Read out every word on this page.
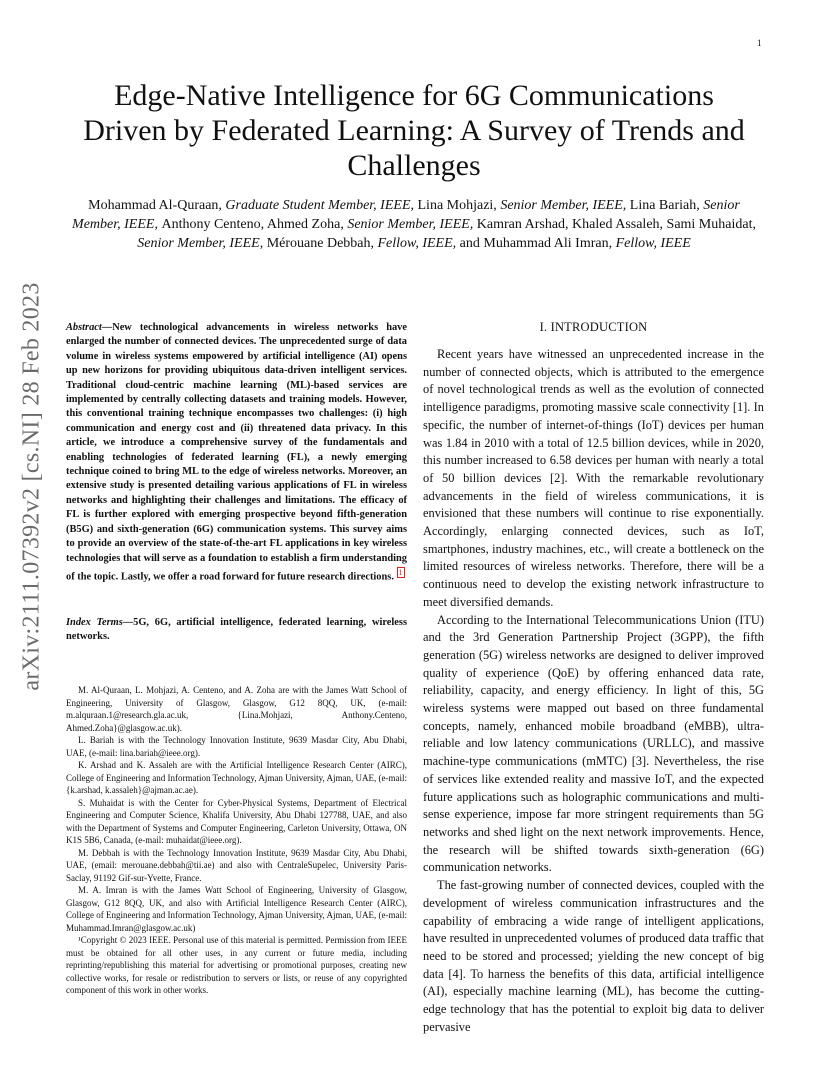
1
arXiv:2111.07392v2 [cs.NI] 28 Feb 2023
Edge-Native Intelligence for 6G Communications Driven by Federated Learning: A Survey of Trends and Challenges
Mohammad Al-Quraan, Graduate Student Member, IEEE, Lina Mohjazi, Senior Member, IEEE, Lina Bariah, Senior Member, IEEE, Anthony Centeno, Ahmed Zoha, Senior Member, IEEE, Kamran Arshad, Khaled Assaleh, Sami Muhaidat, Senior Member, IEEE, Mérouane Debbah, Fellow, IEEE, and Muhammad Ali Imran, Fellow, IEEE
Abstract—New technological advancements in wireless networks have enlarged the number of connected devices. The unprecedented surge of data volume in wireless systems empowered by artificial intelligence (AI) opens up new horizons for providing ubiquitous data-driven intelligent services. Traditional cloud-centric machine learning (ML)-based services are implemented by centrally collecting datasets and training models. However, this conventional training technique encompasses two challenges: (i) high communication and energy cost and (ii) threatened data privacy. In this article, we introduce a comprehensive survey of the fundamentals and enabling technologies of federated learning (FL), a newly emerging technique coined to bring ML to the edge of wireless networks. Moreover, an extensive study is presented detailing various applications of FL in wireless networks and highlighting their challenges and limitations. The efficacy of FL is further explored with emerging prospective beyond fifth-generation (B5G) and sixth-generation (6G) communication systems. This survey aims to provide an overview of the state-of-the-art FL applications in key wireless technologies that will serve as a foundation to establish a firm understanding of the topic. Lastly, we offer a road forward for future research directions. $^1$
Index Terms—5G, 6G, artificial intelligence, federated learning, wireless networks.

M. Al-Quraan, L. Mohjazi, A. Centeno, and A. Zoha are with the James Watt School of Engineering, University of Glasgow, Glasgow, G12 8QQ, UK, (e-mail: m.alquraan.1@research.gla.ac.uk, {Lina.Mohjazi, Anthony.Centeno, Ahmed.Zoha}@glasgow.ac.uk).

L. Bariah is with the Technology Innovation Institute, 9639 Masdar City, Abu Dhabi, UAE, (e-mail: lina.bariah@ieee.org).

K. Arshad and K. Assaleh are with the Artificial Intelligence Research Center (AIRC), College of Engineering and Information Technology, Ajman University, Ajman, UAE, (e-mail: {k.arshad, k.assaleh}@ajman.ac.ae).

S. Muhaidat is with the Center for Cyber-Physical Systems, Department of Electrical Engineering and Computer Science, Khalifa University, Abu Dhabi 127788, UAE, and also with the Department of Systems and Computer Engineering, Carleton University, Ottawa, ON K1S 5B6, Canada, (e-mail: muhaidat@ieee.org).

M. Debbah is with the Technology Innovation Institute, 9639 Masdar City, Abu Dhabi, UAE, (email: merouane.debbah@tii.ae) and also with CentraleSupelec, University Paris-Saclay, 91192 Gif-sur-Yvette, France.

M. A. Imran is with the James Watt School of Engineering, University of Glasgow, Glasgow, G12 8QQ, UK, and also with Artificial Intelligence Research Center (AIRC), College of Engineering and Information Technology, Ajman University, Ajman, UAE, (e-mail: Muhammad.Imran@glasgow.ac.uk)

¹Copyright © 2023 IEEE. Personal use of this material is permitted. Permission from IEEE must be obtained for all other uses, in any current or future media, including reprinting/republishing this material for advertising or promotional purposes, creating new collective works, for resale or redistribution to servers or lists, or reuse of any copyrighted component of this work in other works.

I. INTRODUCTION

Recent years have witnessed an unprecedented increase in the number of connected objects, which is attributed to the emergence of novel technological trends as well as the evolution of connected intelligence paradigms, promoting massive scale connectivity [1]. In specific, the number of internet-of-things (IoT) devices per human was 1.84 in 2010 with a total of 12.5 billion devices, while in 2020, this number increased to 6.58 devices per human with nearly a total of 50 billion devices [2]. With the remarkable revolutionary advancements in the field of wireless communications, it is envisioned that these numbers will continue to rise exponentially. Accordingly, enlarging connected devices, such as IoT, smartphones, industry machines, etc., will create a bottleneck on the limited resources of wireless networks. Therefore, there will be a continuous need to develop the existing network infrastructure to meet diversified demands.

According to the International Telecommunications Union (ITU) and the 3rd Generation Partnership Project (3GPP), the fifth generation (5G) wireless networks are designed to deliver improved quality of experience (QoE) by offering enhanced data rate, reliability, capacity, and energy efficiency. In light of this, 5G wireless systems were mapped out based on three fundamental concepts, namely, enhanced mobile broadband (eMBB), ultra-reliable and low latency communications (URLLC), and massive machine-type communications (mMTC) [3]. Nevertheless, the rise of services like extended reality and massive IoT, and the expected future applications such as holographic communications and multi-sense experience, impose far more stringent requirements than 5G networks and shed light on the next network improvements. Hence, the research will be shifted towards sixth-generation (6G) communication networks.

The fast-growing number of connected devices, coupled with the development of wireless communication infrastructures and the capability of embracing a wide range of intelligent applications, have resulted in unprecedented volumes of produced data traffic that need to be stored and processed; yielding the new concept of big data [4]. To harness the benefits of this data, artificial intelligence (AI), especially machine learning (ML), has become the cutting-edge technology that has the potential to exploit big data to deliver pervasive
